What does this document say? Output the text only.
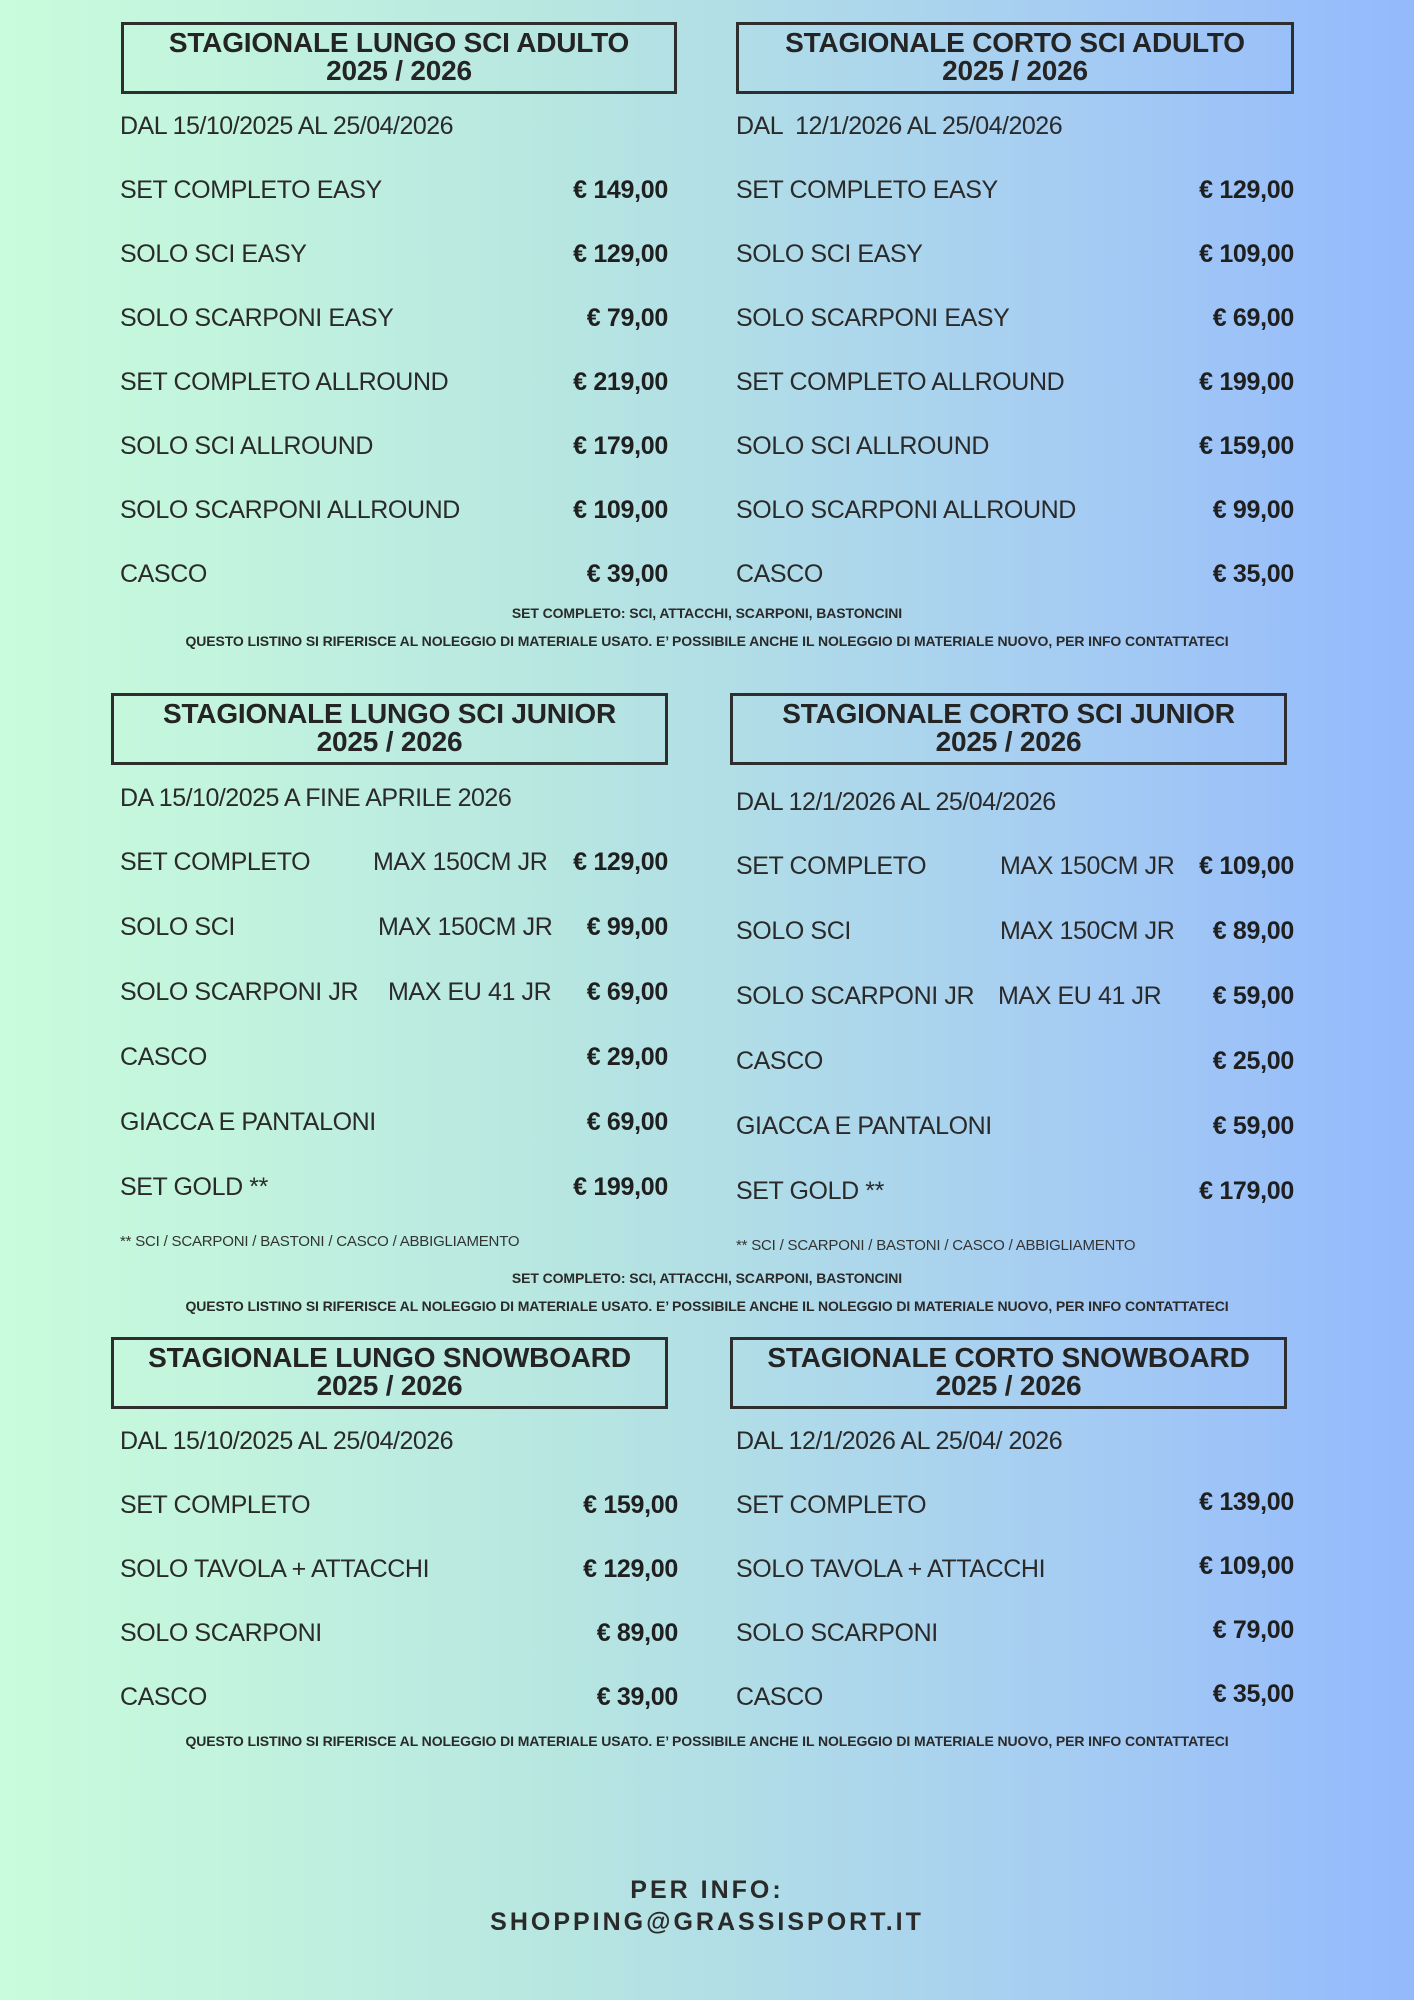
STAGIONALE LUNGO SCI ADULTO
2025 / 2026
DAL 15/10/2025 AL 25/04/2026
SET COMPLETO EASY	€ 149,00
SOLO SCI EASY	€ 129,00
SOLO SCARPONI EASY	€ 79,00
SET COMPLETO ALLROUND	€ 219,00
SOLO SCI ALLROUND	€ 179,00
SOLO SCARPONI ALLROUND	€ 109,00
CASCO	€ 39,00
STAGIONALE CORTO SCI ADULTO
2025 / 2026
DAL  12/1/2026 AL 25/04/2026
SET COMPLETO EASY	€ 129,00
SOLO SCI EASY	€ 109,00
SOLO SCARPONI EASY	€ 69,00
SET COMPLETO ALLROUND	€ 199,00
SOLO SCI ALLROUND	€ 159,00
SOLO SCARPONI ALLROUND	€ 99,00
CASCO	€ 35,00
SET COMPLETO: SCI, ATTACCHI, SCARPONI, BASTONCINI
QUESTO LISTINO SI RIFERISCE AL NOLEGGIO DI MATERIALE USATO. E’ POSSIBILE ANCHE IL NOLEGGIO DI MATERIALE NUOVO, PER INFO CONTATTATECI
STAGIONALE LUNGO SCI JUNIOR
2025 / 2026
DA 15/10/2025 A FINE APRILE 2026
SET COMPLETO	MAX 150CM JR € 129,00
SOLO SCI	MAX 150CM JR € 99,00
SOLO SCARPONI JR MAX EU 41 JR € 69,00
CASCO	€ 29,00
GIACCA E PANTALONI	€ 69,00
SET GOLD **	€ 199,00
** SCI / SCARPONI / BASTONI / CASCO / ABBIGLIAMENTO
STAGIONALE CORTO SCI JUNIOR
2025 / 2026
DAL 12/1/2026 AL 25/04/2026
SET COMPLETO	MAX 150CM JR € 109,00
SOLO SCI	MAX 150CM JR € 89,00
SOLO SCARPONI JR MAX EU 41 JR € 59,00
CASCO	€ 25,00
GIACCA E PANTALONI	€ 59,00
SET GOLD **	€ 179,00
** SCI / SCARPONI / BASTONI / CASCO / ABBIGLIAMENTO
SET COMPLETO: SCI, ATTACCHI, SCARPONI, BASTONCINI
QUESTO LISTINO SI RIFERISCE AL NOLEGGIO DI MATERIALE USATO. E’ POSSIBILE ANCHE IL NOLEGGIO DI MATERIALE NUOVO, PER INFO CONTATTATECI
STAGIONALE LUNGO SNOWBOARD
2025 / 2026
DAL 15/10/2025 AL 25/04/2026
SET COMPLETO	€ 159,00
SOLO TAVOLA + ATTACCHI	€ 129,00
SOLO SCARPONI	€ 89,00
CASCO	€ 39,00
STAGIONALE CORTO SNOWBOARD
2025 / 2026
DAL 12/1/2026 AL 25/04/ 2026
SET COMPLETO	€ 139,00
SOLO TAVOLA + ATTACCHI	€ 109,00
SOLO SCARPONI	€ 79,00
CASCO	€ 35,00
QUESTO LISTINO SI RIFERISCE AL NOLEGGIO DI MATERIALE USATO. E’ POSSIBILE ANCHE IL NOLEGGIO DI MATERIALE NUOVO, PER INFO CONTATTATECI
PER INFO:
SHOPPING@GRASSISPORT.IT
